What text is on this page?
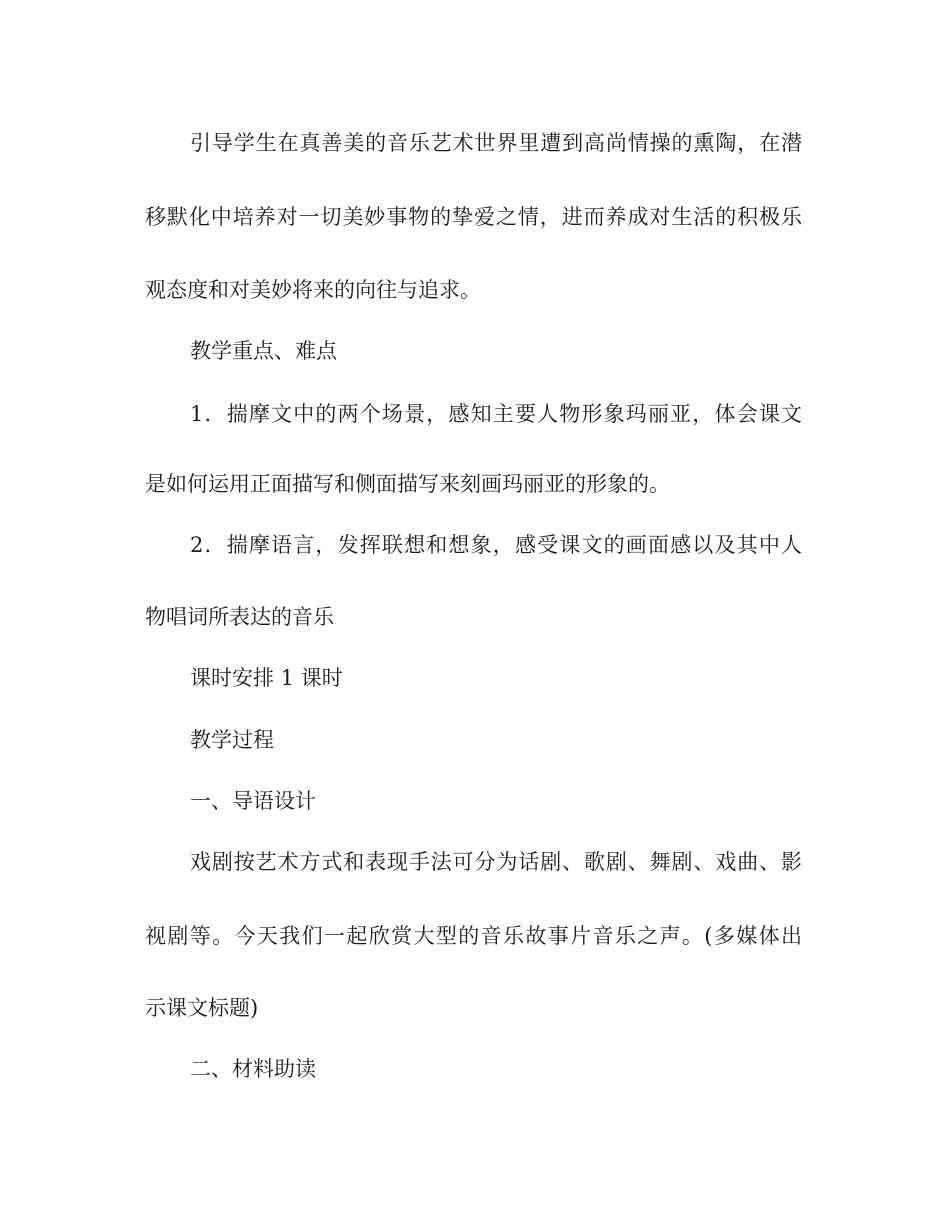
引导学生在真善美的音乐艺术世界里遭到高尚情操的熏陶，在潜

移默化中培养对一切美妙事物的挚爱之情，进而养成对生活的积极乐

观态度和对美妙将来的向往与追求。

教学重点、难点

1．揣摩文中的两个场景，感知主要人物形象玛丽亚，体会课文

是如何运用正面描写和侧面描写来刻画玛丽亚的形象的。

2．揣摩语言，发挥联想和想象，感受课文的画面感以及其中人

物唱词所表达的音乐

课时安排 1 课时

教学过程

一、导语设计

戏剧按艺术方式和表现手法可分为话剧、歌剧、舞剧、戏曲、影

视剧等。今天我们一起欣赏大型的音乐故事片音乐之声。(多媒体出

示课文标题)

二、材料助读
